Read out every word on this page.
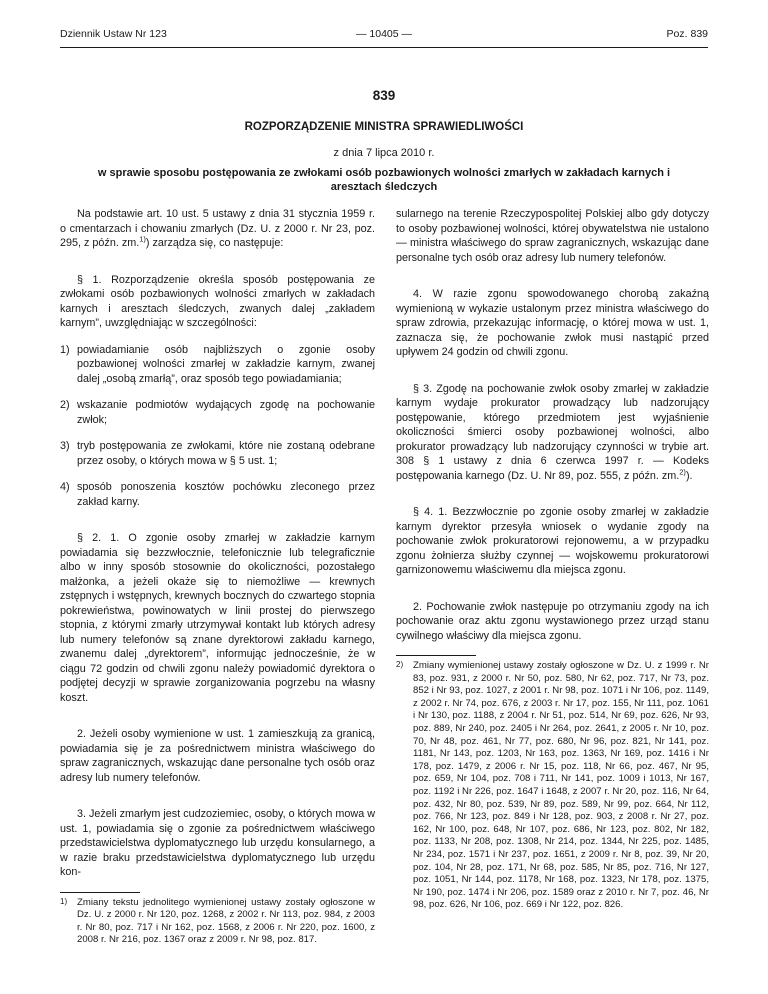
Dziennik Ustaw Nr 123	— 10405 —	Poz. 839
839
ROZPORZĄDZENIE MINISTRA SPRAWIEDLIWOŚCI
z dnia 7 lipca 2010 r.
w sprawie sposobu postępowania ze zwłokami osób pozbawionych wolności zmarłych w zakładach karnych i aresztach śledczych

Na podstawie art. 10 ust. 5 ustawy z dnia 31 stycznia 1959 r. o cmentarzach i chowaniu zmarłych (Dz. U. z 2000 r. Nr 23, poz. 295, z późn. zm.$^{1)}$) zarządza się, co następuje:

§ 1. Rozporządzenie określa sposób postępowania ze zwłokami osób pozbawionych wolności zmarłych w zakładach karnych i aresztach śledczych, zwanych dalej „zakładem karnym”, uwzględniając w szczególności:

1) powiadamianie osób najbliższych o zgonie osoby pozbawionej wolności zmarłej w zakładzie karnym, zwanej dalej „osobą zmarłą”, oraz sposób tego powiadamiania;
2) wskazanie podmiotów wydających zgodę na pochowanie zwłok;
3) tryb postępowania ze zwłokami, które nie zostaną odebrane przez osoby, o których mowa w § 5 ust. 1;
4) sposób ponoszenia kosztów pochówku zleconego przez zakład karny.

§ 2. 1. O zgonie osoby zmarłej w zakładzie karnym powiadamia się bezzwłocznie, telefonicznie lub telegraficznie albo w inny sposób stosownie do okoliczności, pozostałego małżonka, a jeżeli okaże się to niemożliwe — krewnych zstępnych i wstępnych, krewnych bocznych do czwartego stopnia pokrewieństwa, powinowatych w linii prostej do pierwszego stopnia, z którymi zmarły utrzymywał kontakt lub których adresy lub numery telefonów są znane dyrektorowi zakładu karnego, zwanemu dalej „dyrektorem”, informując jednocześnie, że w ciągu 72 godzin od chwili zgonu należy powiadomić dyrektora o podjętej decyzji w sprawie zorganizowania pogrzebu na własny koszt.

2. Jeżeli osoby wymienione w ust. 1 zamieszkują za granicą, powiadamia się je za pośrednictwem ministra właściwego do spraw zagranicznych, wskazując dane personalne tych osób oraz adresy lub numery telefonów.

3. Jeżeli zmarłym jest cudzoziemiec, osoby, o których mowa w ust. 1, powiadamia się o zgonie za pośrednictwem właściwego przedstawicielstwa dyplomatycznego lub urzędu konsularnego, a w razie braku przedstawicielstwa dyplomatycznego lub urzędu kon-

1)	Zmiany tekstu jednolitego wymienionej ustawy zostały ogłoszone w Dz. U. z 2000 r. Nr 120, poz. 1268, z 2002 r. Nr 113, poz. 984, z 2003 r. Nr 80, poz. 717 i Nr 162, poz. 1568, z 2006 r. Nr 220, poz. 1600, z 2008 r. Nr 216, poz. 1367 oraz z 2009 r. Nr 98, poz. 817.

sularnego na terenie Rzeczypospolitej Polskiej albo gdy dotyczy to osoby pozbawionej wolności, której obywatelstwa nie ustalono — ministra właściwego do spraw zagranicznych, wskazując dane personalne tych osób oraz adresy lub numery telefonów.

4. W razie zgonu spowodowanego chorobą zakaźną wymienioną w wykazie ustalonym przez ministra właściwego do spraw zdrowia, przekazując informację, o której mowa w ust. 1, zaznacza się, że pochowanie zwłok musi nastąpić przed upływem 24 godzin od chwili zgonu.

§ 3. Zgodę na pochowanie zwłok osoby zmarłej w zakładzie karnym wydaje prokurator prowadzący lub nadzorujący postępowanie, którego przedmiotem jest wyjaśnienie okoliczności śmierci osoby pozbawionej wolności, albo prokurator prowadzący lub nadzorujący czynności w trybie art. 308 § 1 ustawy z dnia 6 czerwca 1997 r. — Kodeks postępowania karnego (Dz. U. Nr 89, poz. 555, z późn. zm.$^{2)}$).

§ 4. 1. Bezzwłocznie po zgonie osoby zmarłej w zakładzie karnym dyrektor przesyła wniosek o wydanie zgody na pochowanie zwłok prokuratorowi rejonowemu, a w przypadku zgonu żołnierza służby czynnej — wojskowemu prokuratorowi garnizonowemu właściwemu dla miejsca zgonu.

2. Pochowanie zwłok następuje po otrzymaniu zgody na ich pochowanie oraz aktu zgonu wystawionego przez urząd stanu cywilnego właściwy dla miejsca zgonu.

2)	Zmiany wymienionej ustawy zostały ogłoszone w Dz. U. z 1999 r. Nr 83, poz. 931, z 2000 r. Nr 50, poz. 580, Nr 62, poz. 717, Nr 73, poz. 852 i Nr 93, poz. 1027, z 2001 r. Nr 98, poz. 1071 i Nr 106, poz. 1149, z 2002 r. Nr 74, poz. 676, z 2003 r. Nr 17, poz. 155, Nr 111, poz. 1061 i Nr 130, poz. 1188, z 2004 r. Nr 51, poz. 514, Nr 69, poz. 626, Nr 93, poz. 889, Nr 240, poz. 2405 i Nr 264, poz. 2641, z 2005 r. Nr 10, poz. 70, Nr 48, poz. 461, Nr 77, poz. 680, Nr 96, poz. 821, Nr 141, poz. 1181, Nr 143, poz. 1203, Nr 163, poz. 1363, Nr 169, poz. 1416 i Nr 178, poz. 1479, z 2006 r. Nr 15, poz. 118, Nr 66, poz. 467, Nr 95, poz. 659, Nr 104, poz. 708 i 711, Nr 141, poz. 1009 i 1013, Nr 167, poz. 1192 i Nr 226, poz. 1647 i 1648, z 2007 r. Nr 20, poz. 116, Nr 64, poz. 432, Nr 80, poz. 539, Nr 89, poz. 589, Nr 99, poz. 664, Nr 112, poz. 766, Nr 123, poz. 849 i Nr 128, poz. 903, z 2008 r. Nr 27, poz. 162, Nr 100, poz. 648, Nr 107, poz. 686, Nr 123, poz. 802, Nr 182, poz. 1133, Nr 208, poz. 1308, Nr 214, poz. 1344, Nr 225, poz. 1485, Nr 234, poz. 1571 i Nr 237, poz. 1651, z 2009 r. Nr 8, poz. 39, Nr 20, poz. 104, Nr 28, poz. 171, Nr 68, poz. 585, Nr 85, poz. 716, Nr 127, poz. 1051, Nr 144, poz. 1178, Nr 168, poz. 1323, Nr 178, poz. 1375, Nr 190, poz. 1474 i Nr 206, poz. 1589 oraz z 2010 r. Nr 7, poz. 46, Nr 98, poz. 626, Nr 106, poz. 669 i Nr 122, poz. 826.
